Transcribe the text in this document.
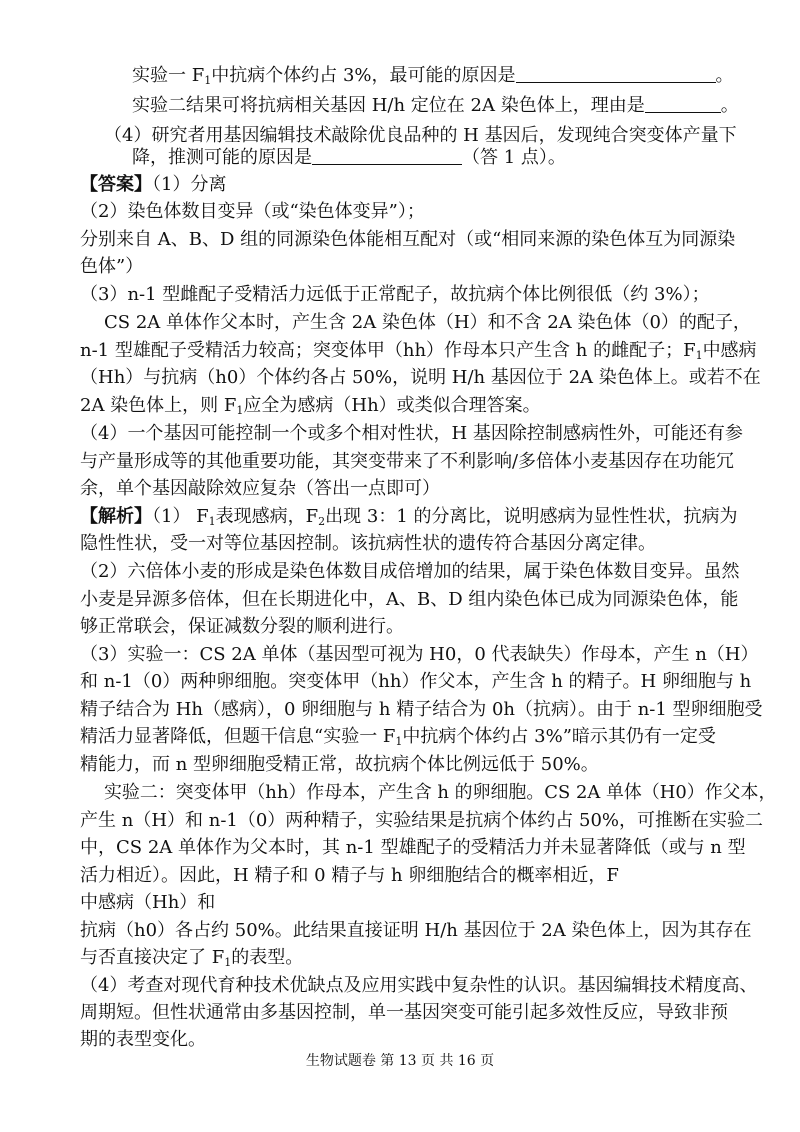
实验一 $F_1$中抗病个体约占 3%，最可能的原因是	。
实验二结果可将抗病相关基因 H/h 定位在 2A 染色体上，理由是	。
（4）研究者用基因编辑技术敲除优良品种的 H 基因后，发现纯合突变体产量下
降，推测可能的原因是	（答 1 点）。
【答案】（1）分离
（2）染色体数目变异（或“染色体变异”）；
分别来自 A、B、D 组的同源染色体能相互配对（或“相同来源的染色体互为同源染
色体”）
（3）n-1 型雌配子受精活力远低于正常配子，故抗病个体比例很低（约 3%）；
CS 2A 单体作父本时，产生含 2A 染色体（H）和不含 2A 染色体（0）的配子，
n-1 型雄配子受精活力较高；突变体甲（hh）作母本只产生含 h 的雌配子；$F_1$中感病
（Hh）与抗病（h0）个体约各占 50%，说明 H/h 基因位于 2A 染色体上。或若不在
2A 染色体上，则 $F_1$应全为感病（Hh）或类似合理答案。
（4）一个基因可能控制一个或多个相对性状，H 基因除控制感病性外，可能还有参
与产量形成等的其他重要功能，其突变带来了不利影响/多倍体小麦基因存在功能冗
余，单个基因敲除效应复杂（答出一点即可）
【解析】（1） $F_1$表现感病，$F_2$出现 3：1 的分离比，说明感病为显性性状，抗病为
隐性性状，受一对等位基因控制。该抗病性状的遗传符合基因分离定律。
（2）六倍体小麦的形成是染色体数目成倍增加的结果，属于染色体数目变异。虽然
小麦是异源多倍体，但在长期进化中，A、B、D 组内染色体已成为同源染色体，能
够正常联会，保证减数分裂的顺利进行。
（3）实验一：CS 2A 单体（基因型可视为 H0，0 代表缺失）作母本，产生 n（H）
和 n-1（0）两种卵细胞。突变体甲（hh）作父本，产生含 h 的精子。H 卵细胞与 h
精子结合为 Hh（感病），0 卵细胞与 h 精子结合为 0h（抗病）。由于 n-1 型卵细胞受
精活力显著降低，但题干信息“实验一 $F_1$中抗病个体约占 3%”暗示其仍有一定受
精能力，而 n 型卵细胞受精正常，故抗病个体比例远低于 50%。
实验二：突变体甲（hh）作母本，产生含 h 的卵细胞。CS 2A 单体（H0）作父本，
产生 n（H）和 n-1（0）两种精子，实验结果是抗病个体约占 50%，可推断在实验二
中，CS 2A 单体作为父本时，其 n-1 型雄配子的受精活力并未显著降低（或与 n 型
活力相近）。因此，H 精子和 0 精子与 h 卵细胞结合的概率相近，F
中感病（Hh）和
抗病（h0）各占约 50%。此结果直接证明 H/h 基因位于 2A 染色体上，因为其存在
与否直接决定了 $F_1$的表型。
（4）考查对现代育种技术优缺点及应用实践中复杂性的认识。基因编辑技术精度高、
周期短。但性状通常由多基因控制，单一基因突变可能引起多效性反应，导致非预
期的表型变化。
生物试题卷 第 13 页 共 16 页
